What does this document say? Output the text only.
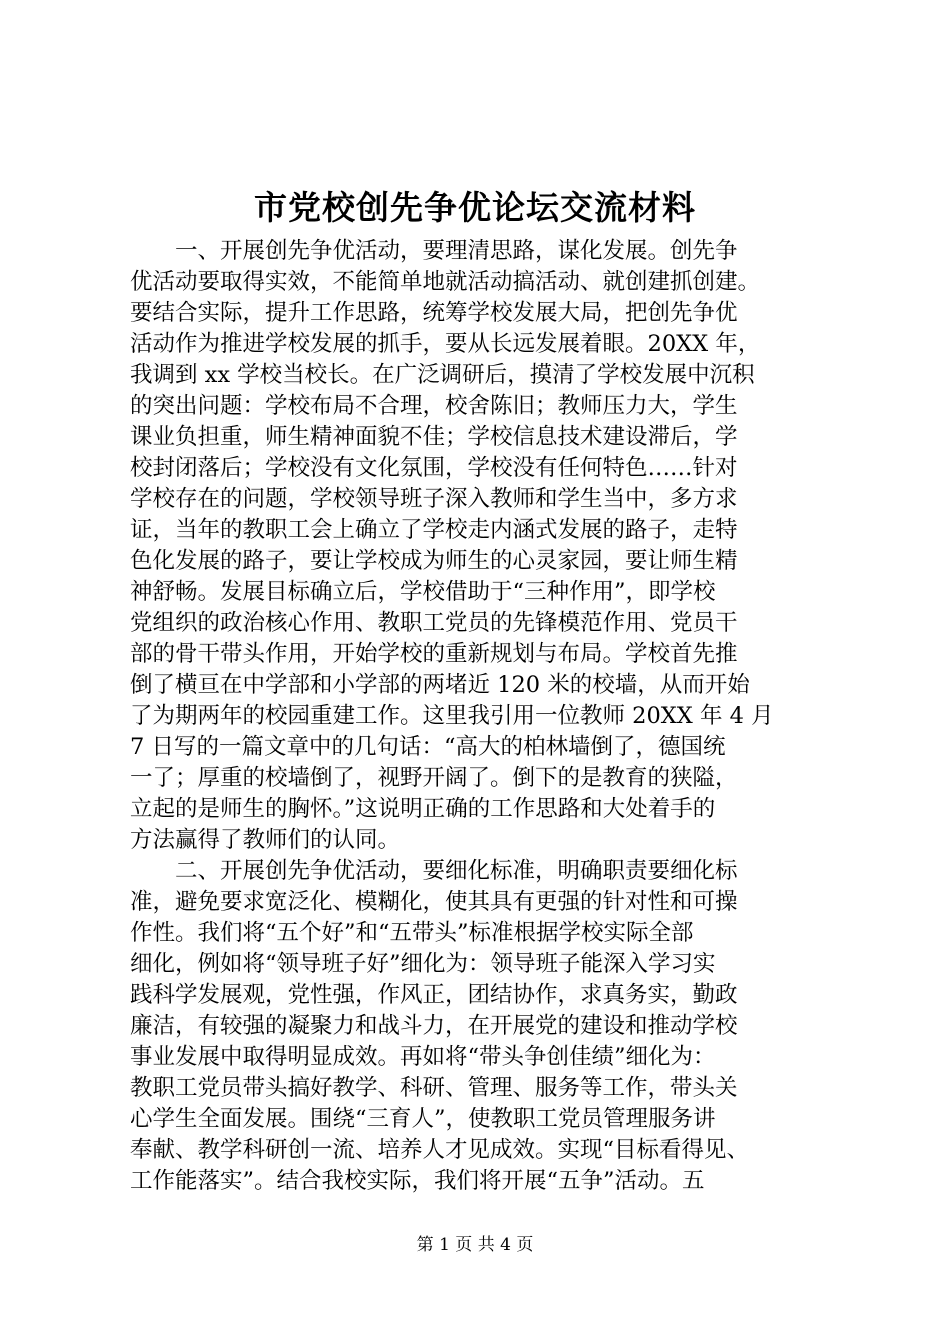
市党校创先争优论坛交流材料
　　一、开展创先争优活动，要理清思路，谋化发展。创先争
优活动要取得实效，不能简单地就活动搞活动、就创建抓创建。
要结合实际，提升工作思路，统筹学校发展大局，把创先争优
活动作为推进学校发展的抓手，要从长远发展着眼。20XX 年，
我调到 xx 学校当校长。在广泛调研后，摸清了学校发展中沉积
的突出问题：学校布局不合理，校舍陈旧；教师压力大，学生
课业负担重，师生精神面貌不佳；学校信息技术建设滞后，学
校封闭落后；学校没有文化氛围，学校没有任何特色……针对
学校存在的问题，学校领导班子深入教师和学生当中，多方求
证，当年的教职工会上确立了学校走内涵式发展的路子，走特
色化发展的路子，要让学校成为师生的心灵家园，要让师生精
神舒畅。发展目标确立后，学校借助于“三种作用”，即学校
党组织的政治核心作用、教职工党员的先锋模范作用、党员干
部的骨干带头作用，开始学校的重新规划与布局。学校首先推
倒了横亘在中学部和小学部的两堵近 120 米的校墙，从而开始
了为期两年的校园重建工作。这里我引用一位教师 20XX 年 4 月
7 日写的一篇文章中的几句话：“高大的柏林墙倒了，德国统
一了；厚重的校墙倒了，视野开阔了。倒下的是教育的狭隘，
立起的是师生的胸怀。”这说明正确的工作思路和大处着手的
方法赢得了教师们的认同。
　　二、开展创先争优活动，要细化标准，明确职责要细化标
准，避免要求宽泛化、模糊化，使其具有更强的针对性和可操
作性。我们将“五个好”和“五带头”标准根据学校实际全部
细化，例如将“领导班子好”细化为：领导班子能深入学习实
践科学发展观，党性强，作风正，团结协作，求真务实，勤政
廉洁，有较强的凝聚力和战斗力，在开展党的建设和推动学校
事业发展中取得明显成效。再如将“带头争创佳绩”细化为：
教职工党员带头搞好教学、科研、管理、服务等工作，带头关
心学生全面发展。围绕“三育人”，使教职工党员管理服务讲
奉献、教学科研创一流、培养人才见成效。实现“目标看得见、
工作能落实”。结合我校实际，我们将开展“五争”活动。五
第 1 页 共 4 页
